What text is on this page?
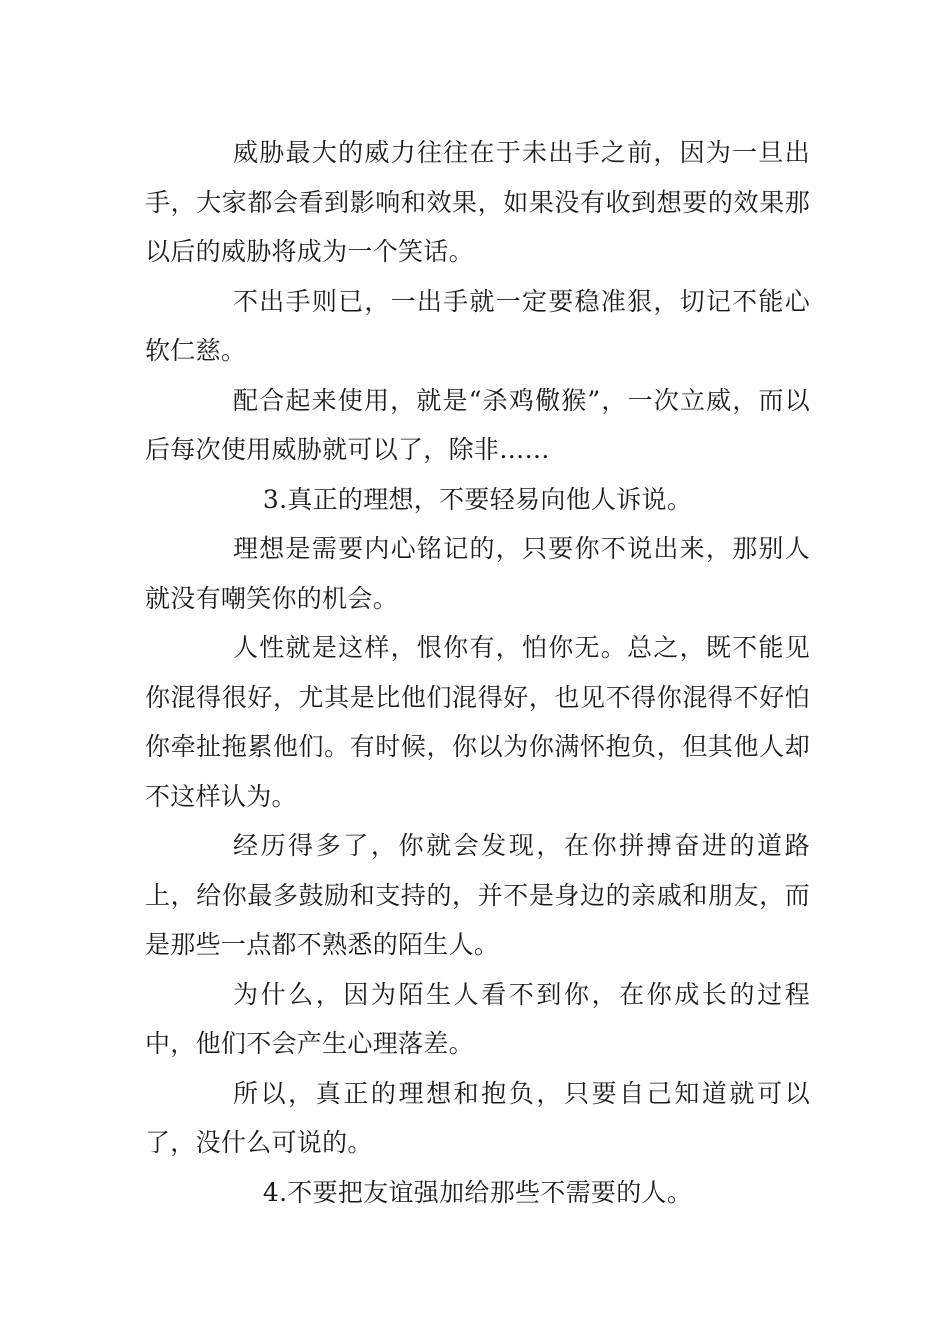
威胁最大的威力往往在于未出手之前，因为一旦出手，大家都会看到影响和效果，如果没有收到想要的效果那以后的威胁将成为一个笑话。

不出手则已，一出手就一定要稳准狠，切记不能心软仁慈。

配合起来使用，就是“杀鸡儆猴”，一次立威，而以后每次使用威胁就可以了，除非……

3.真正的理想，不要轻易向他人诉说。

理想是需要内心铭记的，只要你不说出来，那别人就没有嘲笑你的机会。

人性就是这样，恨你有，怕你无。总之，既不能见你混得很好，尤其是比他们混得好，也见不得你混得不好怕你牵扯拖累他们。有时候，你以为你满怀抱负，但其他人却不这样认为。

经历得多了，你就会发现，在你拼搏奋进的道路上，给你最多鼓励和支持的，并不是身边的亲戚和朋友，而是那些一点都不熟悉的陌生人。

为什么，因为陌生人看不到你，在你成长的过程中，他们不会产生心理落差。

所以，真正的理想和抱负，只要自己知道就可以了，没什么可说的。

4.不要把友谊强加给那些不需要的人。
